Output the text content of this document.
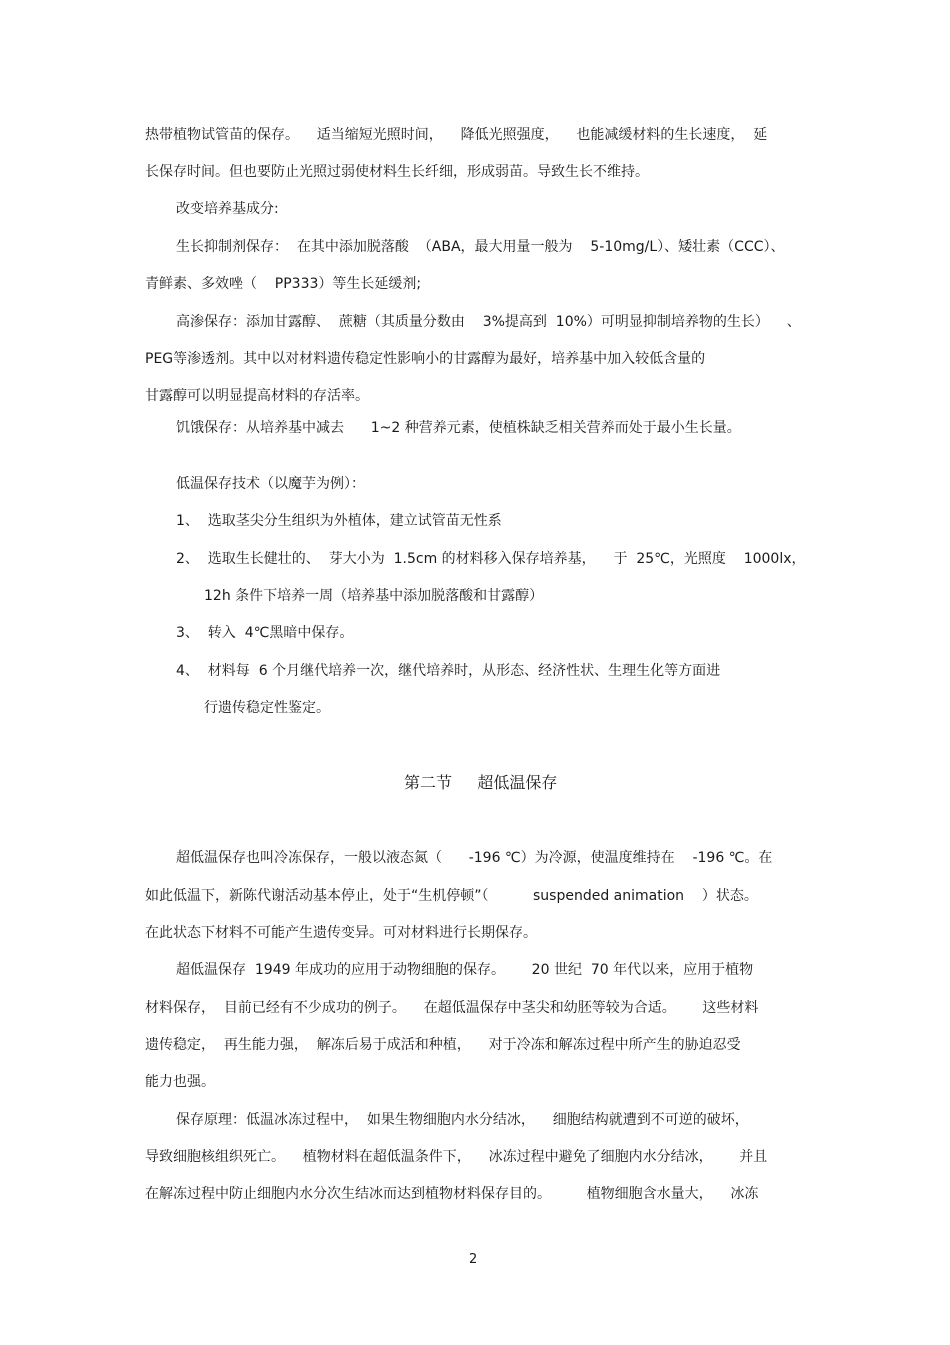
热带植物试管苗的保存。    适当缩短光照时间，    降低光照强度，    也能减缓材料的生长速度，  延
长保存时间。但也要防止光照过弱使材料生长纤细，形成弱苗。导致生长不维持。
改变培养基成分:
生长抑制剂保存：  在其中添加脱落酸  （ABA，最大用量一般为    5-10mg/L）、矮壮素（CCC）、
青鲜素、多效唑（    PP333）等生长延缓剂;
高渗保存：添加甘露醇、  蔗糖（其质量分数由    3%提高到  10%）可明显抑制培养物的生长）    、
PEG等渗透剂。其中以对材料遗传稳定性影响小的甘露醇为最好，培养基中加入较低含量的
甘露醇可以明显提高材料的存活率。
饥饿保存：从培养基中减去      1~2 种营养元素，使植株缺乏相关营养而处于最小生长量。
低温保存技术（以魔芋为例）：
1、  选取茎尖分生组织为外植体，建立试管苗无性系
2、  选取生长健壮的、  芽大小为  1.5cm 的材料移入保存培养基，    于  25℃，光照度    1000lx，
12h 条件下培养一周（培养基中添加脱落酸和甘露醇）
3、  转入  4℃黑暗中保存。
4、  材料每  6 个月继代培养一次，继代培养时，从形态、经济性状、生理生化等方面进
行遗传稳定性鉴定。
第二节     超低温保存
超低温保存也叫冷冻保存，一般以液态氮（      -196 ℃）为冷源，使温度维持在    -196 ℃。在
如此低温下，新陈代谢活动基本停止，处于“生机停顿”（          suspended animation    ）状态。
在此状态下材料不可能产生遗传变异。可对材料进行长期保存。
超低温保存  1949 年成功的应用于动物细胞的保存。      20 世纪  70 年代以来，应用于植物
材料保存，  目前已经有不少成功的例子。    在超低温保存中茎尖和幼胚等较为合适。      这些材料
遗传稳定，  再生能力强，  解冻后易于成活和种植，    对于冷冻和解冻过程中所产生的胁迫忍受
能力也强。
保存原理：低温冰冻过程中，  如果生物细胞内水分结冰，    细胞结构就遭到不可逆的破坏，
导致细胞核组织死亡。    植物材料在超低温条件下，    冰冻过程中避免了细胞内水分结冰，      并且
在解冻过程中防止细胞内水分次生结冰而达到植物材料保存目的。        植物细胞含水量大，    冰冻
2
